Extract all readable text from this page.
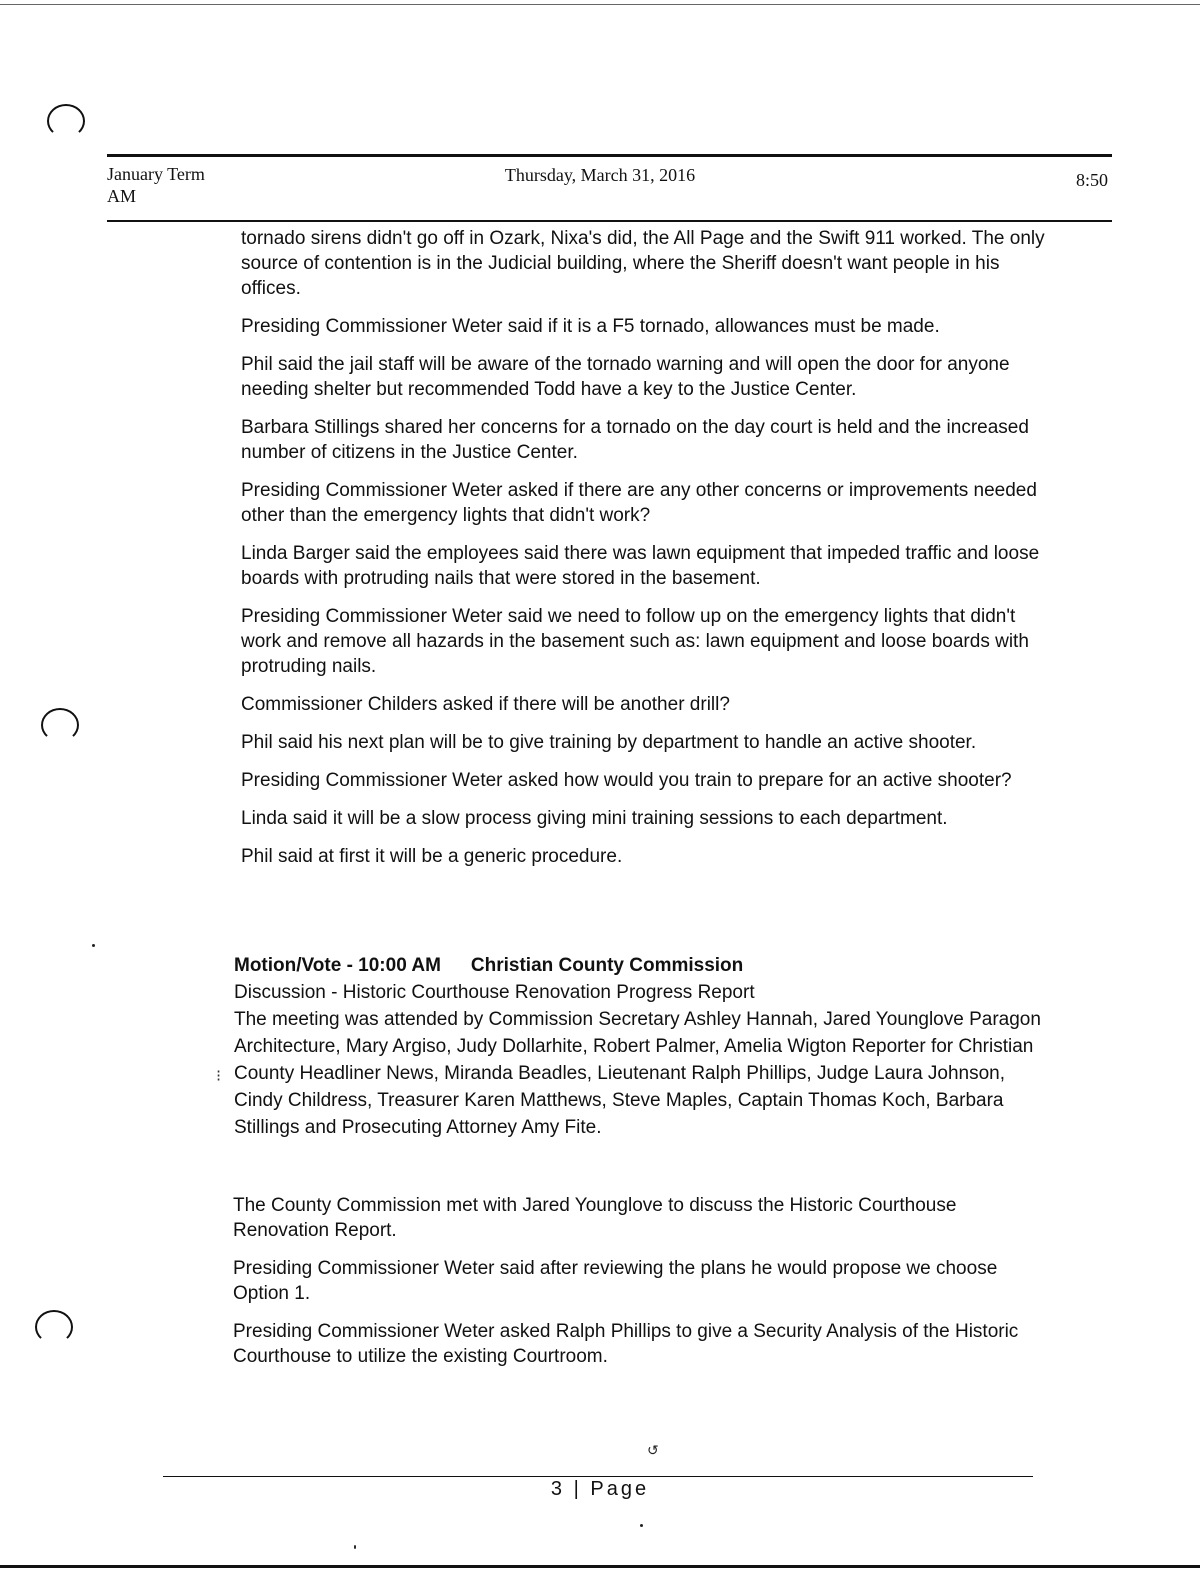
January Term
AM
Thursday, March 31, 2016	8:50

tornado sirens didn't go off in Ozark, Nixa's did, the All Page and the Swift 911 worked. The only source of contention is in the Judicial building, where the Sheriff doesn't want people in his offices.

Presiding Commissioner Weter said if it is a F5 tornado, allowances must be made.

Phil said the jail staff will be aware of the tornado warning and will open the door for anyone needing shelter but recommended Todd have a key to the Justice Center.

Barbara Stillings shared her concerns for a tornado on the day court is held and the increased number of citizens in the Justice Center.

Presiding Commissioner Weter asked if there are any other concerns or improvements needed other than the emergency lights that didn't work?

Linda Barger said the employees said there was lawn equipment that impeded traffic and loose boards with protruding nails that were stored in the basement.

Presiding Commissioner Weter said we need to follow up on the emergency lights that didn't work and remove all hazards in the basement such as: lawn equipment and loose boards with protruding nails.

Commissioner Childers asked if there will be another drill?

Phil said his next plan will be to give training by department to handle an active shooter.

Presiding Commissioner Weter asked how would you train to prepare for an active shooter?

Linda said it will be a slow process giving mini training sessions to each department.

Phil said at first it will be a generic procedure.

Motion/Vote - 10:00 AM Christian County Commission
Discussion - Historic Courthouse Renovation Progress Report
The meeting was attended by Commission Secretary Ashley Hannah, Jared Younglove Paragon Architecture, Mary Argiso, Judy Dollarhite, Robert Palmer, Amelia Wigton Reporter for Christian County Headliner News, Miranda Beadles, Lieutenant Ralph Phillips, Judge Laura Johnson, Cindy Childress, Treasurer Karen Matthews, Steve Maples, Captain Thomas Koch, Barbara Stillings and Prosecuting Attorney Amy Fite.
⁝

The County Commission met with Jared Younglove to discuss the Historic Courthouse Renovation Report.

Presiding Commissioner Weter said after reviewing the plans he would propose we choose Option 1.

Presiding Commissioner Weter asked Ralph Phillips to give a Security Analysis of the Historic Courthouse to utilize the existing Courtroom.

↺
3 | Page
